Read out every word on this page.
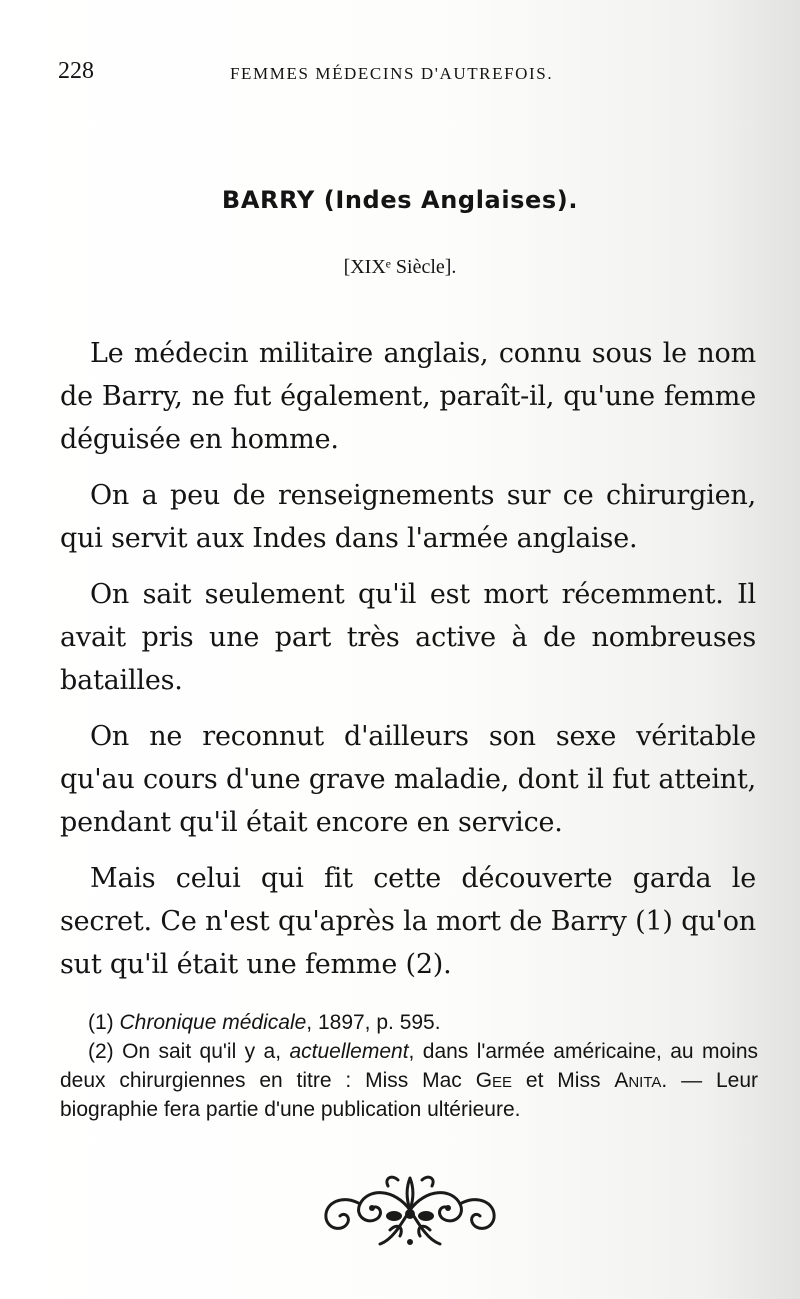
228	FEMMES MÉDECINS D'AUTREFOIS.
BARRY (Indes Anglaises).
[XIXᵉ Siècle].

Le médecin militaire anglais, connu sous le nom de Barry, ne fut également, paraît-il, qu'une femme déguisée en homme.

On a peu de renseignements sur ce chirurgien, qui servit aux Indes dans l'armée anglaise.

On sait seulement qu'il est mort récemment. Il avait pris une part très active à de nombreuses batailles.

On ne reconnut d'ailleurs son sexe véritable qu'au cours d'une grave maladie, dont il fut atteint, pendant qu'il était encore en service.

Mais celui qui fit cette découverte garda le secret. Ce n'est qu'après la mort de Barry (1) qu'on sut qu'il était une femme (2).

(1) Chronique médicale, 1897, p. 595.

(2) On sait qu'il y a, actuellement, dans l'armée américaine, au moins deux chirurgiennes en titre : Miss Mac Gee et Miss Anita. — Leur biographie fera partie d'une publication ultérieure.
